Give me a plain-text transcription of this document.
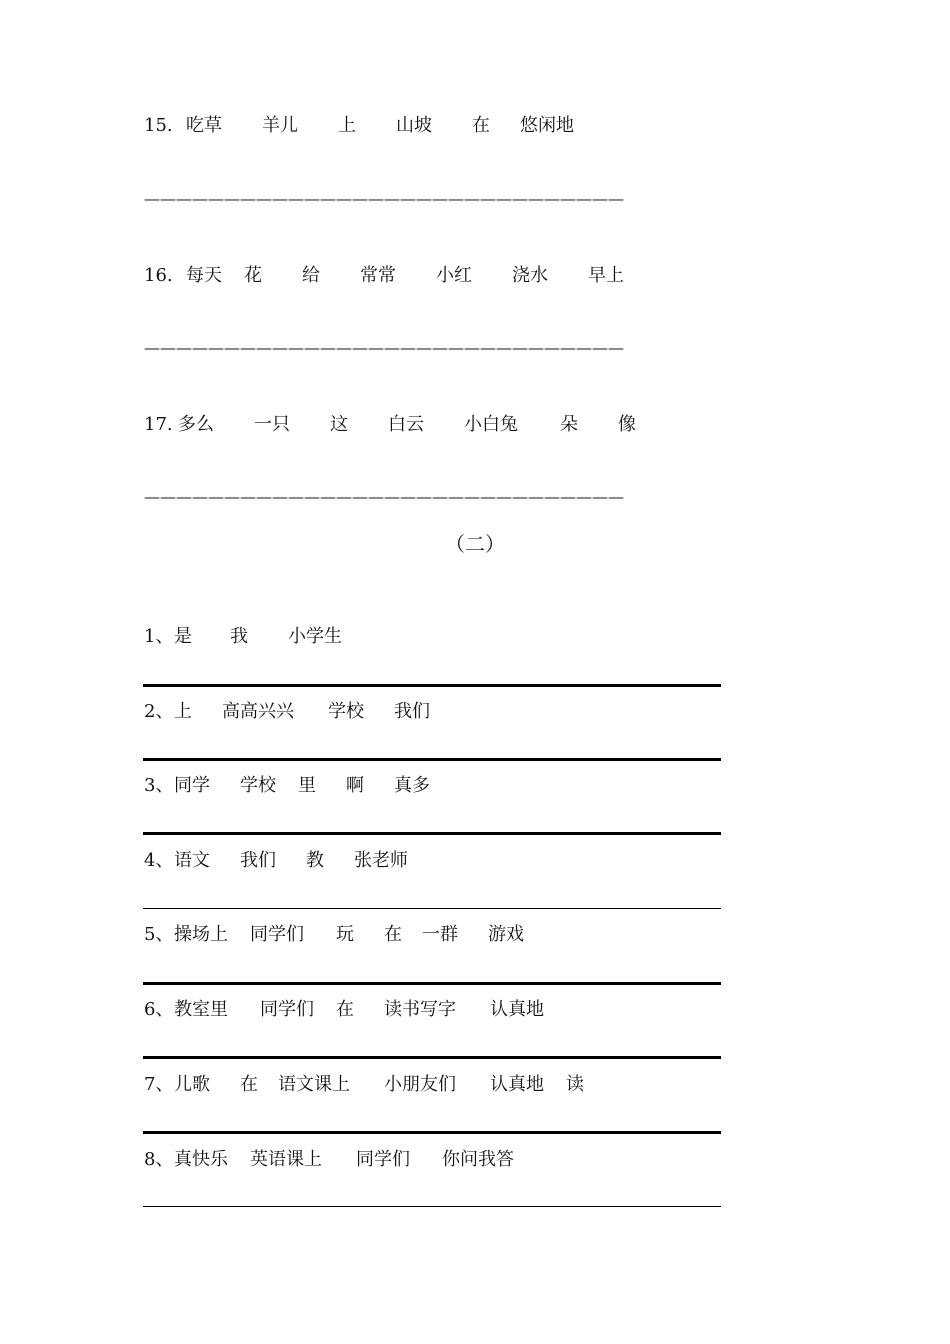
15. 吃草 羊儿 上 山坡 在 悠闲地
——————————————————————————————
16. 每天 花 给 常常 小红 浇水 早上
——————————————————————————————
17. 多么 一只 这 白云 小白兔 朵 像
——————————————————————————————
（二）
1、是 我 小学生
2、上 高高兴兴 学校 我们
3、同学 学校 里 啊 真多
4、语文 我们 教 张老师
5、操场上 同学们 玩 在 一群 游戏
6、教室里 同学们 在 读书写字 认真地
7、儿歌 在 语文课上 小朋友们 认真地 读
8、真快乐 英语课上 同学们 你问我答
